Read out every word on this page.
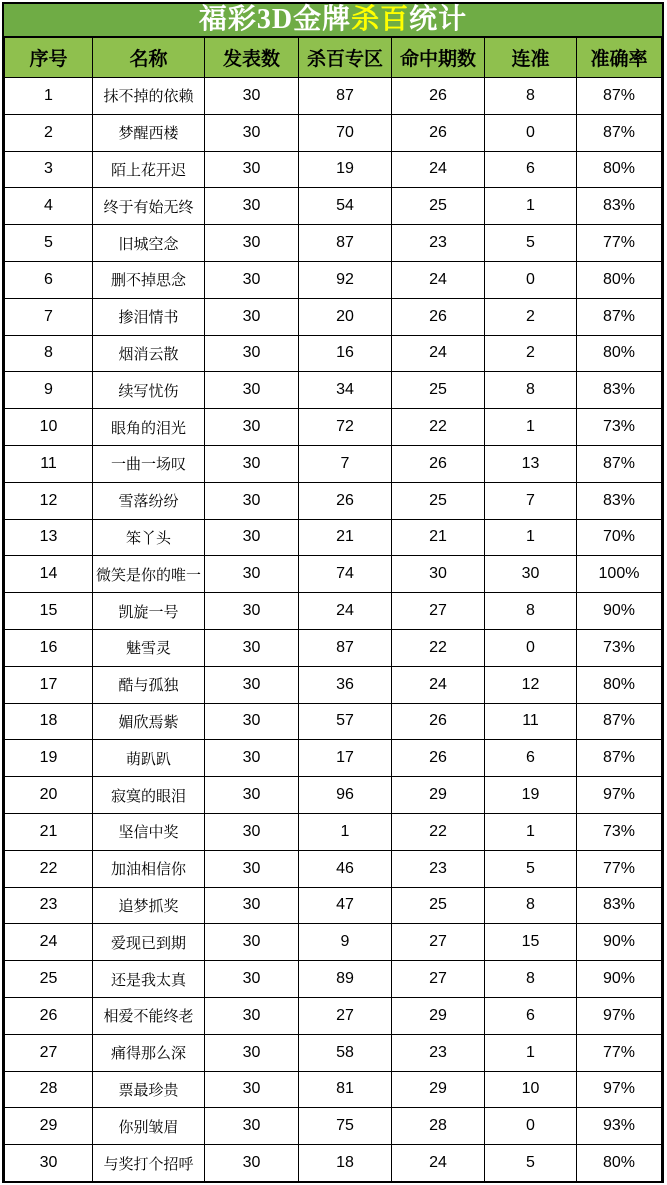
福彩3D金牌 杀百 统计
序号	名称	发表数	杀百专区	命中期数	连准	准确率
1	抹不掉的依赖	30	87	26	8	87%
2	梦醒西楼	30	70	26	0	87%
3	陌上花开迟	30	19	24	6	80%
4	终于有始无终	30	54	25	1	83%
5	旧城空念	30	87	23	5	77%
6	删不掉思念	30	92	24	0	80%
7	掺泪情书	30	20	26	2	87%
8	烟消云散	30	16	24	2	80%
9	续写忧伤	30	34	25	8	83%
10	眼角的泪光	30	72	22	1	73%
11	一曲一场叹	30	7	26	13	87%
12	雪落纷纷	30	26	25	7	83%
13	笨丫头	30	21	21	1	70%
14	微笑是你的唯一	30	74	30	30	100%
15	凯旋一号	30	24	27	8	90%
16	魅雪灵	30	87	22	0	73%
17	酷与孤独	30	36	24	12	80%
18	媚欣焉紫	30	57	26	11	87%
19	萌趴趴	30	17	26	6	87%
20	寂寞的眼泪	30	96	29	19	97%
21	坚信中奖	30	1	22	1	73%
22	加油相信你	30	46	23	5	77%
23	追梦抓奖	30	47	25	8	83%
24	爱现已到期	30	9	27	15	90%
25	还是我太真	30	89	27	8	90%
26	相爱不能终老	30	27	29	6	97%
27	痛得那么深	30	58	23	1	77%
28	票最珍贵	30	81	29	10	97%
29	你别皱眉	30	75	28	0	93%
30	与奖打个招呼	30	18	24	5	80%
